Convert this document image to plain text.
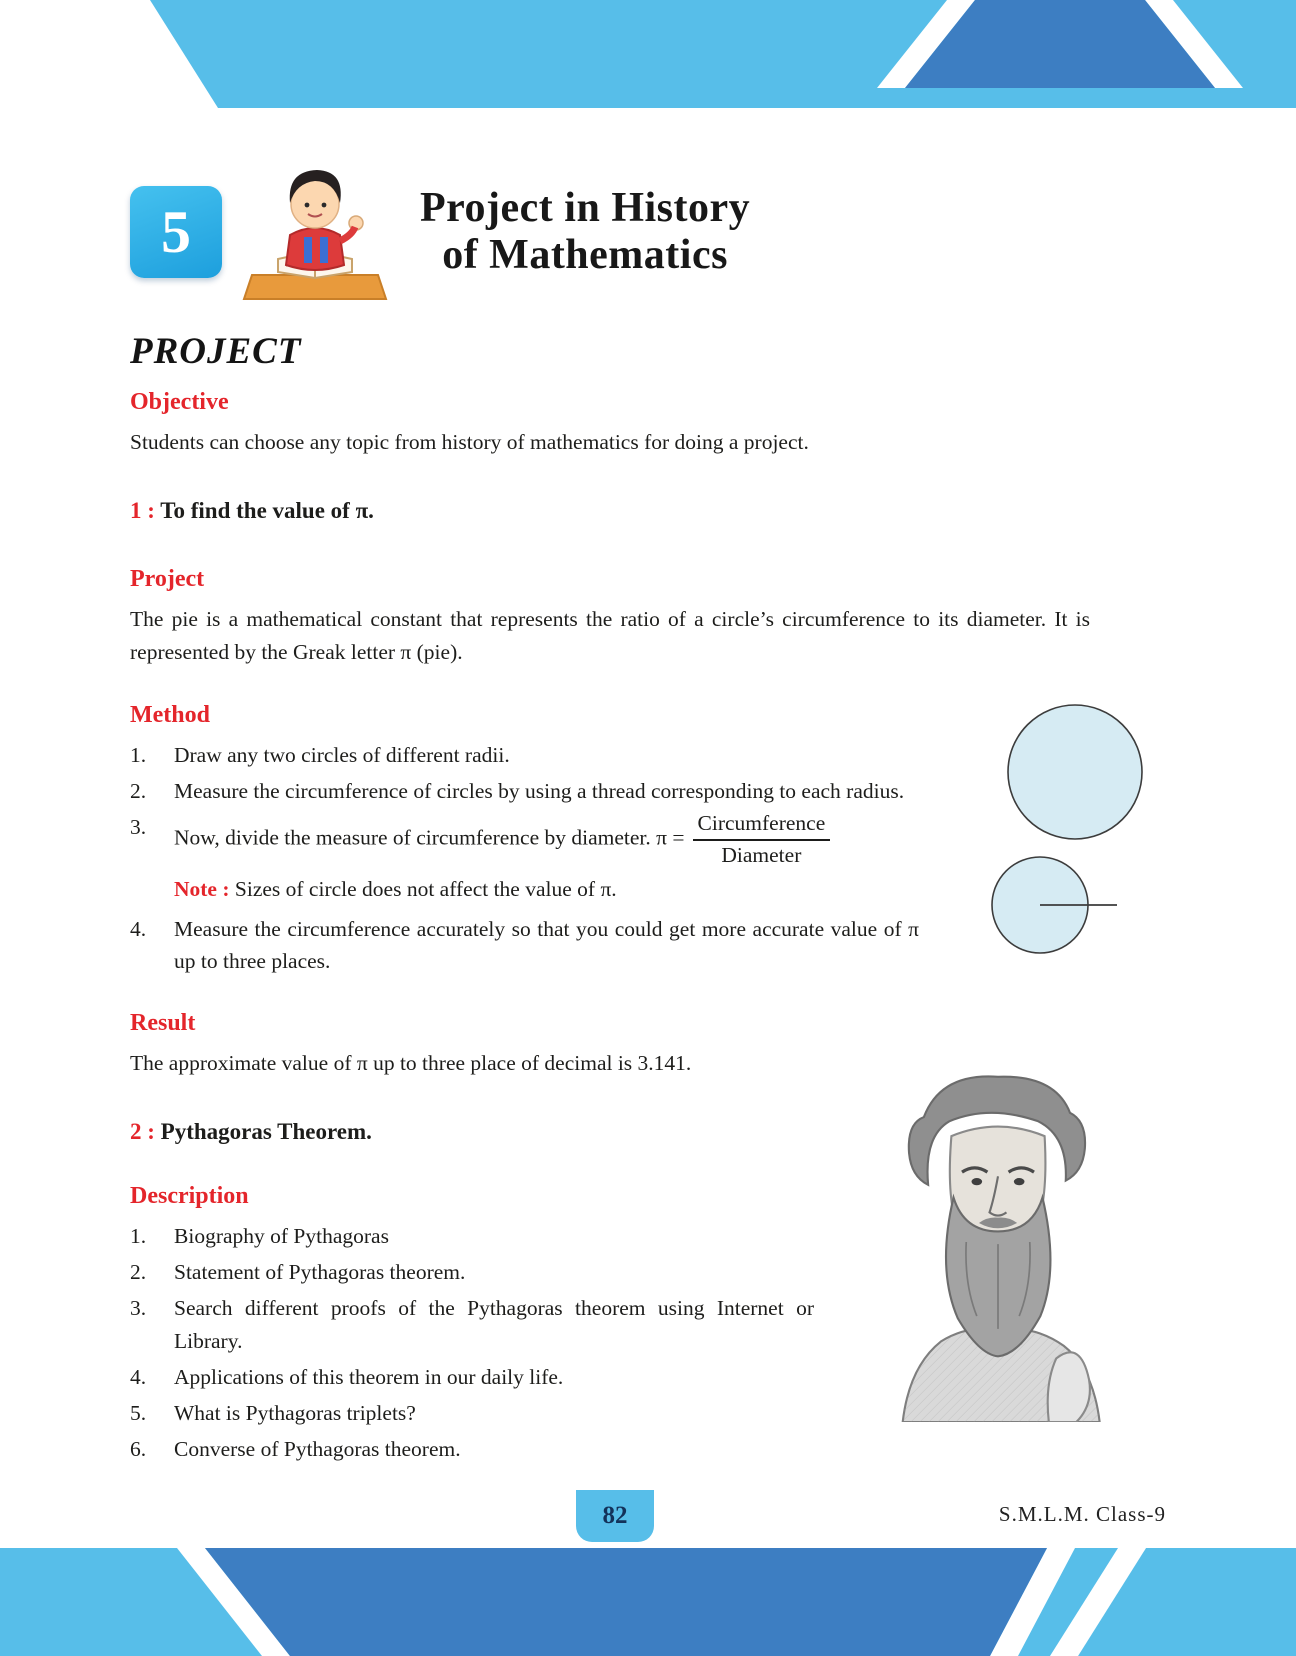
5	Project in History
of Mathematics
PROJECT
Objective

Students can choose any topic from history of mathematics for doing a project.

1 : To find the value of π.

Project

The pie is a mathematical constant that represents the ratio of a circle’s circumference to its diameter. It is represented by the Greak letter π (pie).

Method
1.	Draw any two circles of different radii.
2.	Measure the circumference of circles by using a thread corresponding to each radius.
3.	Now, divide the measure of circumference by diameter. $\pi = \frac{\text{Circumference}}{\text{Diameter}}$
Note : Sizes of circle does not affect the value of π.
4.	Measure the circumference accurately so that you could get more accurate value of π up to three places.
Result

The approximate value of π up to three place of decimal is 3.141.

2 : Pythagoras Theorem.

Description
1.	Biography of Pythagoras
2.	Statement of Pythagoras theorem.
3.	Search different proofs of the Pythagoras theorem using Internet or Library.
4.	Applications of this theorem in our daily life.
5.	What is Pythagoras triplets?
6.	Converse of Pythagoras theorem.
82	S.M.L.M. Class-9
